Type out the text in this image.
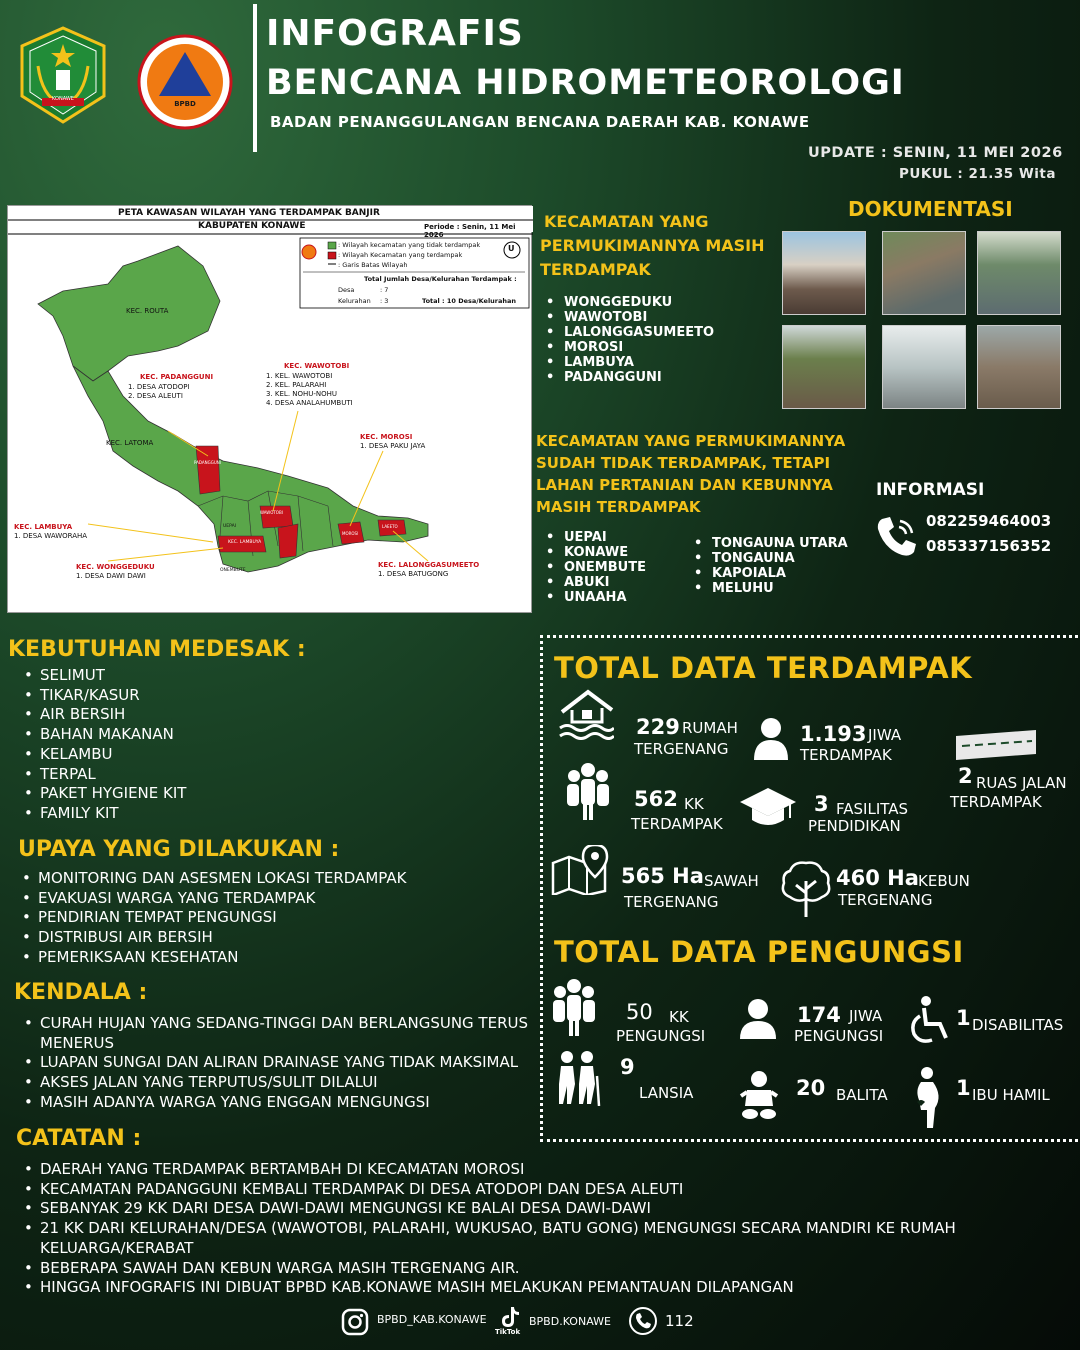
KONAWE
BPBD
INFOGRAFIS
BENCANA HIDROMETEOROLOGI
BADAN PENANGGULANGAN BENCANA DAERAH KAB. KONAWE
UPDATE : SENIN, 11 MEI 2026
PUKUL : 21.35 Wita
PETA KAWASAN WILAYAH YANG TERDAMPAK BANJIR
KABUPATEN KONAWE	Periode : Senin, 11 Mei 2026
: Wilayah kecamatan yang tidak terdampak
: Wilayah Kecamatan yang terdampak
: Garis Batas Wilayah
U
Total Jumlah Desa/Kelurahan Terdampak :
Desa	: 7
Kelurahan : 3	Total : 10 Desa/Kelurahan
KEC. ROUTA
KEC. LATOMA
KEC. PADANGGUNI
1. DESA ATODOPI
2. DESA ALEUTI
KEC. WAWOTOBI
1. KEL. WAWOTOBI
2. KEL. PALARAHI
3. KEL. NOHU-NOHU
4. DESA ANALAHUMBUTI
KEC. MOROSI
1. DESA PAKU JAYA
KEC. LAMBUYA
1. DESA WAWORAHA
KEC. WONGGEDUKU
1. DESA DAWI DAWI
KEC. LALONGGASUMEETO
1. DESA BATUGONG
PADANGGUNI
KEC. LAMBUYA
ONEMBUTE
UEPAI
WAWOTOBI
MOROSI
LAEETO
KECAMATAN YANG PERMUKIMANNYA MASIH TERDAMPAK
• WONGGEDUKU
• WAWOTOBI
• LALONGGASUMEETO
• MOROSI
• LAMBUYA
• PADANGGUNI
DOKUMENTASI
KECAMATAN YANG PERMUKIMANNYA SUDAH TIDAK TERDAMPAK, TETAPI LAHAN PERTANIAN DAN KEBUNNYA MASIH TERDAMPAK
• UEPAI
• KONAWE
• ONEMBUTE
• ABUKI
• UNAAHA
• TONGAUNA UTARA
• TONGAUNA
• KAPOIALA
• MELUHU
INFORMASI
082259464003
085337156352
KEBUTUHAN MEDESAK :
• SELIMUT
• TIKAR/KASUR
• AIR BERSIH
• BAHAN MAKANAN
• KELAMBU
• TERPAL
• PAKET HYGIENE KIT
• FAMILY KIT
UPAYA YANG DILAKUKAN :
• MONITORING DAN ASESMEN LOKASI TERDAMPAK
• EVAKUASI WARGA YANG TERDAMPAK
• PENDIRIAN TEMPAT PENGUNGSI
• DISTRIBUSI AIR BERSIH
• PEMERIKSAAN KESEHATAN
KENDALA :
• CURAH HUJAN YANG SEDANG-TINGGI DAN BERLANGSUNG TERUS MENERUS
• LUAPAN SUNGAI DAN ALIRAN DRAINASE YANG TIDAK MAKSIMAL
• AKSES JALAN YANG TERPUTUS/SULIT DILALUI
• MASIH ADANYA WARGA YANG ENGGAN MENGUNGSI
CATATAN :
• DAERAH YANG TERDAMPAK BERTAMBAH DI KECAMATAN MOROSI
• KECAMATAN PADANGGUNI KEMBALI TERDAMPAK DI DESA ATODOPI DAN DESA ALEUTI
• SEBANYAK 29 KK DARI DESA DAWI-DAWI MENGUNGSI KE BALAI DESA DAWI-DAWI
• 21 KK DARI KELURAHAN/DESA (WAWOTOBI, PALARAHI, WUKUSAO, BATU GONG) MENGUNGSI SECARA MANDIRI KE RUMAH KELUARGA/KERABAT
• BEBERAPA SAWAH DAN KEBUN WARGA MASIH TERGENANG AIR.
• HINGGA INFOGRAFIS INI DIBUAT BPBD KAB.KONAWE MASIH MELAKUKAN PEMANTAUAN DILAPANGAN
TOTAL DATA TERDAMPAK
229 RUMAH
TERGENANG
1.193 JIWA
TERDAMPAK
2 RUAS JALAN
TERDAMPAK
562 KK
TERDAMPAK
3 FASILITAS
PENDIDIKAN
565 Ha SAWAH
TERGENANG
460 Ha KEBUN
TERGENANG
TOTAL DATA PENGUNGSI
50 KK
PENGUNGSI
174 JIWA
PENGUNGSI
1 DISABILITAS
9
LANSIA	20 BALITA	1 IBU HAMIL
BPBD_KAB.KONAWE
TikTok
BPBD.KONAWE	112
